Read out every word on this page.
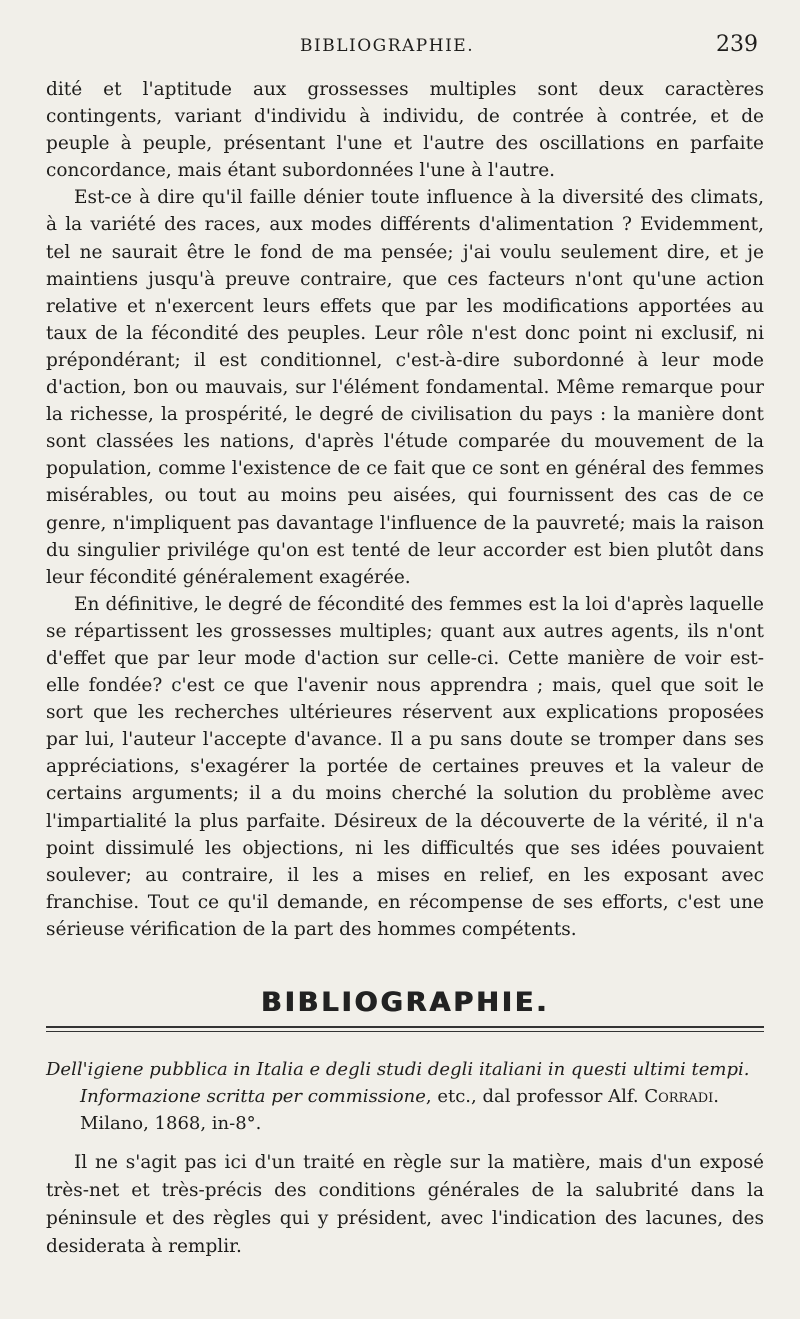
BIBLIOGRAPHIE.	239

dité et l'aptitude aux grossesses multiples sont deux caractères contingents, variant d'individu à individu, de contrée à contrée, et de peuple à peuple, présentant l'une et l'autre des oscillations en parfaite concordance, mais étant subordonnées l'une à l'autre.

Est-ce à dire qu'il faille dénier toute influence à la diversité des climats, à la variété des races, aux modes différents d'alimentation ? Evidemment, tel ne saurait être le fond de ma pensée; j'ai voulu seulement dire, et je maintiens jusqu'à preuve contraire, que ces facteurs n'ont qu'une action relative et n'exercent leurs effets que par les modifications apportées au taux de la fécondité des peuples. Leur rôle n'est donc point ni exclusif, ni prépondérant; il est conditionnel, c'est-à-dire subordonné à leur mode d'action, bon ou mauvais, sur l'élément fondamental. Même remarque pour la richesse, la prospérité, le degré de civilisation du pays : la manière dont sont classées les nations, d'après l'étude comparée du mouvement de la population, comme l'existence de ce fait que ce sont en général des femmes misérables, ou tout au moins peu aisées, qui fournissent des cas de ce genre, n'impliquent pas davantage l'influence de la pauvreté; mais la raison du singulier privilége qu'on est tenté de leur accorder est bien plutôt dans leur fécondité généralement exagérée.

En définitive, le degré de fécondité des femmes est la loi d'après laquelle se répartissent les grossesses multiples; quant aux autres agents, ils n'ont d'effet que par leur mode d'action sur celle-ci. Cette manière de voir est-elle fondée? c'est ce que l'avenir nous apprendra ; mais, quel que soit le sort que les recherches ultérieures réservent aux explications proposées par lui, l'auteur l'accepte d'avance. Il a pu sans doute se tromper dans ses appréciations, s'exagérer la portée de certaines preuves et la valeur de certains arguments; il a du moins cherché la solution du problème avec l'impartialité la plus parfaite. Désireux de la découverte de la vérité, il n'a point dissimulé les objections, ni les difficultés que ses idées pouvaient soulever; au contraire, il les a mises en relief, en les exposant avec franchise. Tout ce qu'il demande, en récompense de ses efforts, c'est une sérieuse vérification de la part des hommes compétents.

BIBLIOGRAPHIE.
Dell'igiene pubblica in Italia e degli studi degli italiani in questi ultimi tempi. Informazione scritta per commissione, etc., dal professor Alf. Corradi. Milano, 1868, in-8°.

Il ne s'agit pas ici d'un traité en règle sur la matière, mais d'un exposé très-net et très-précis des conditions générales de la salubrité dans la péninsule et des règles qui y président, avec l'indication des lacunes, des desiderata à remplir.
